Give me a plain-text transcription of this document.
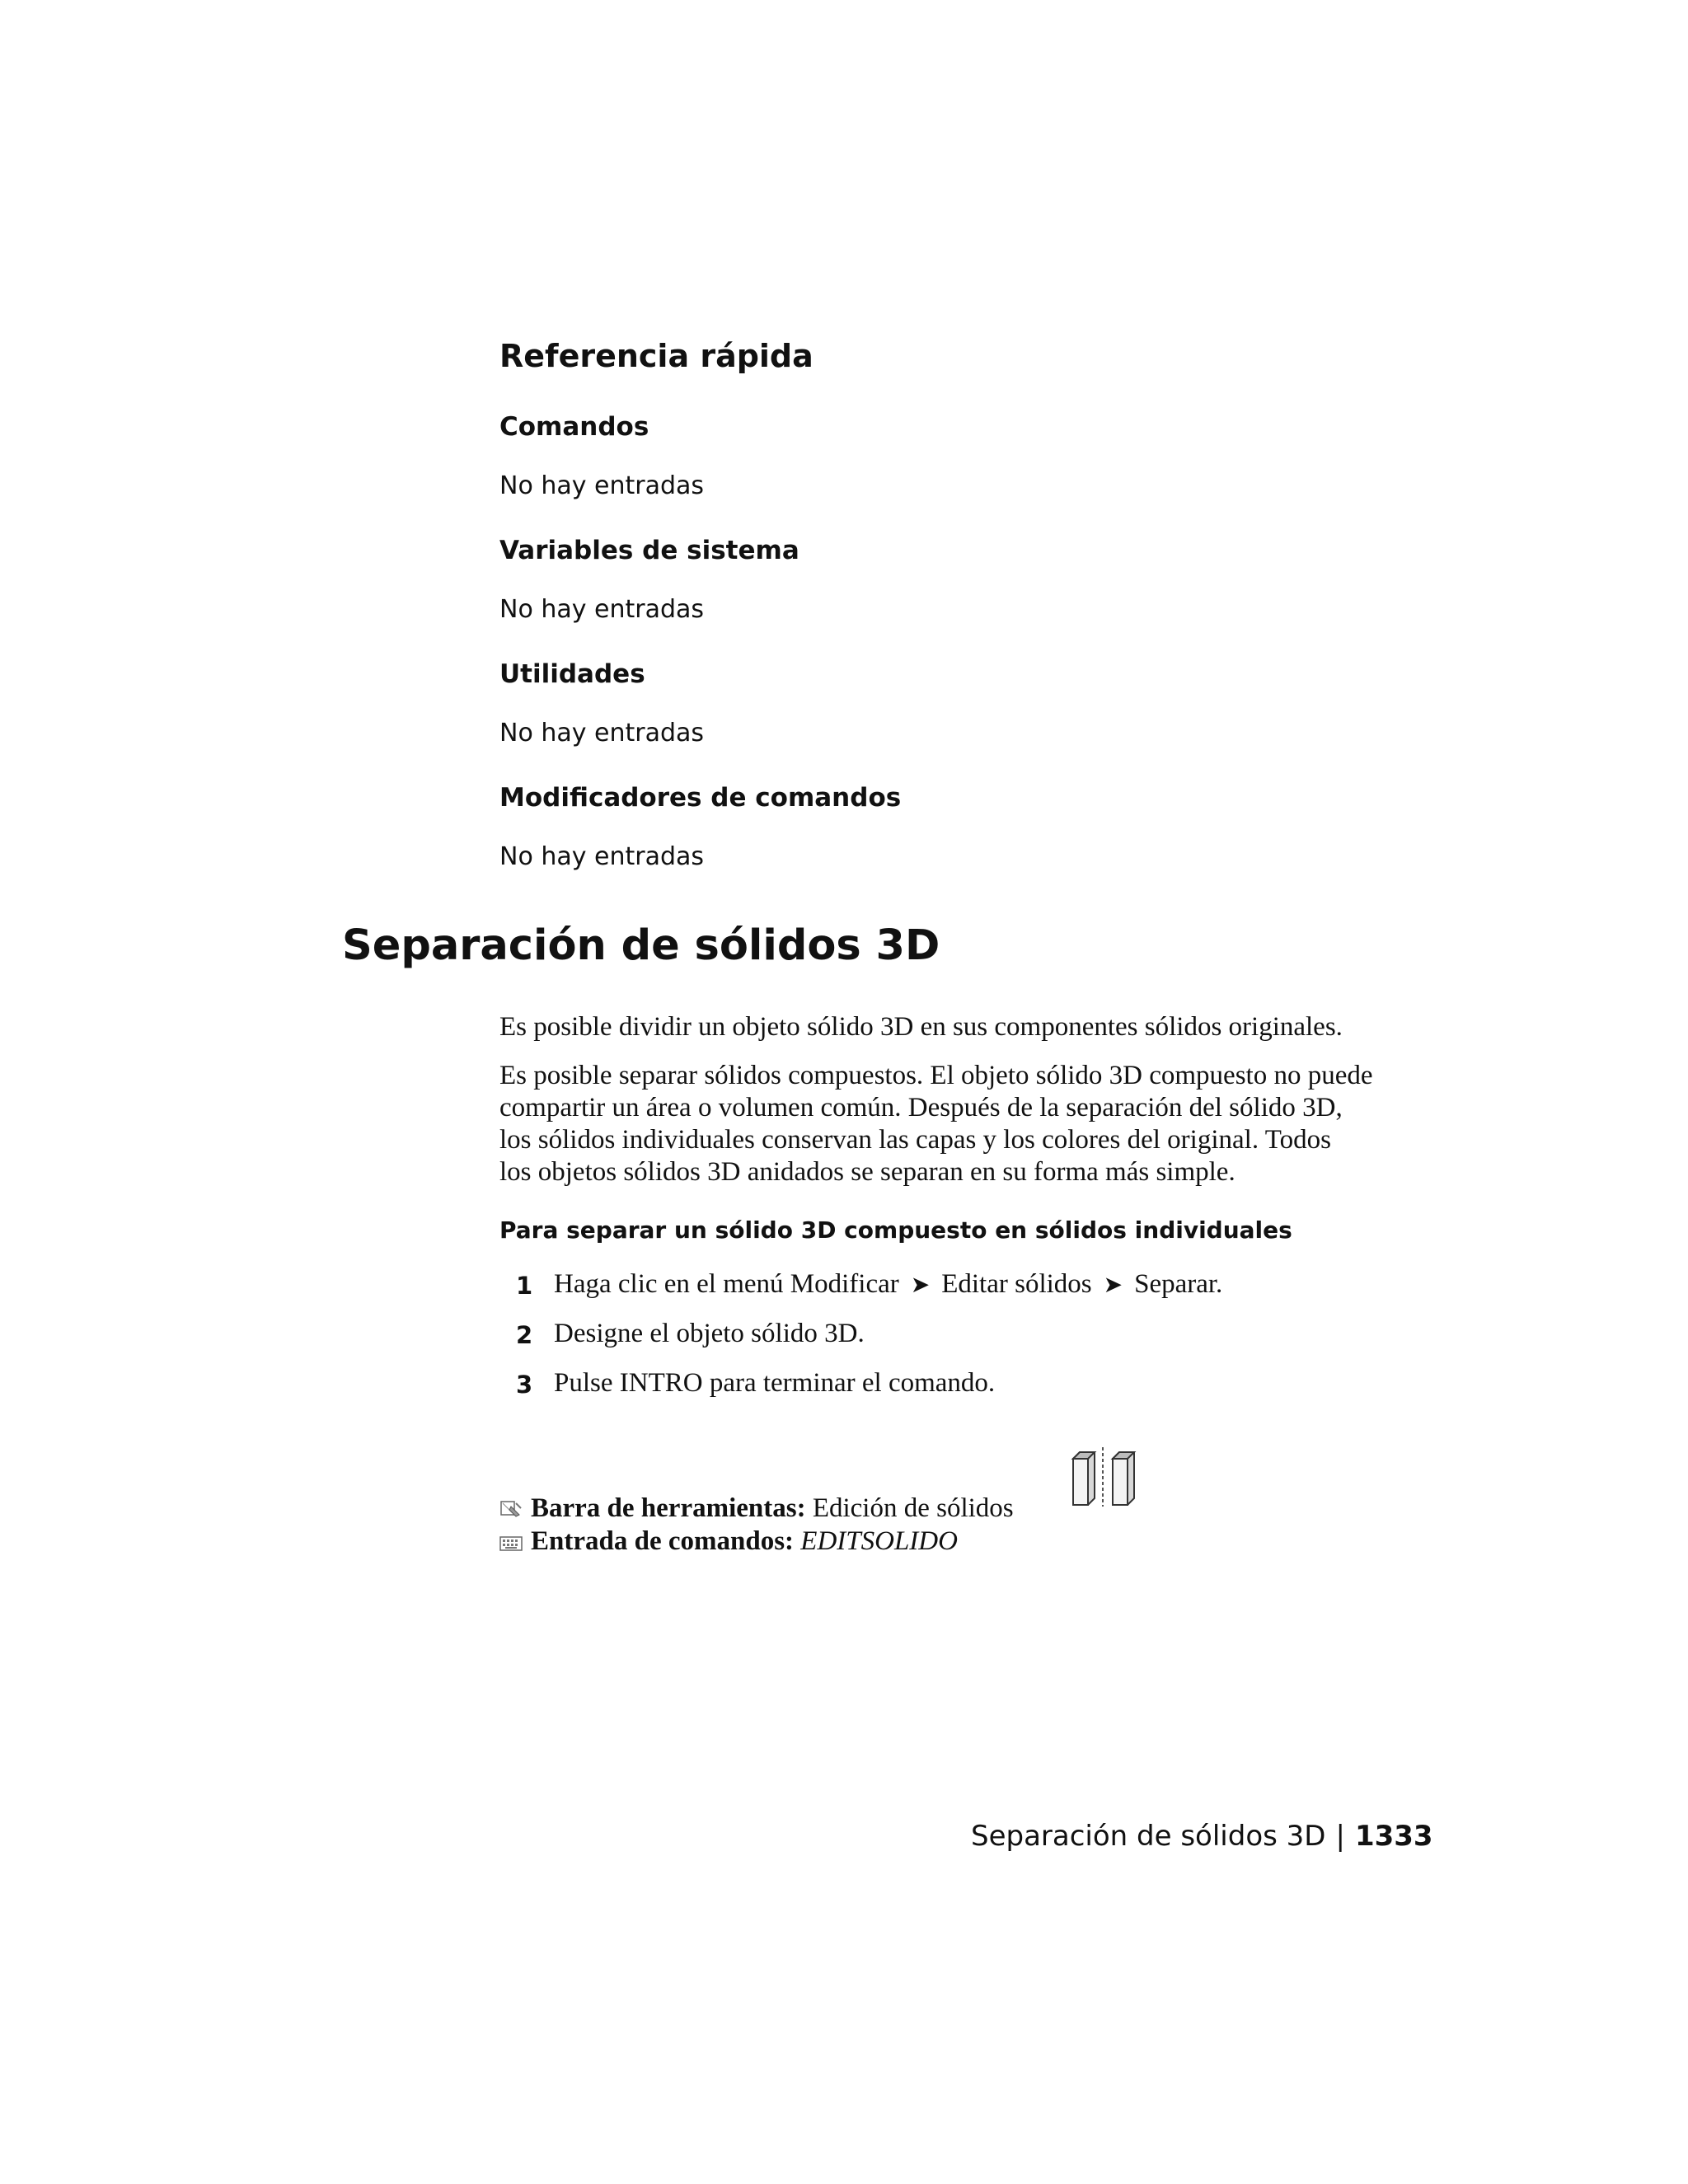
Referencia rápida
Comandos
No hay entradas
Variables de sistema
No hay entradas
Utilidades
No hay entradas
Modificadores de comandos
No hay entradas
Separación de sólidos 3D
Es posible dividir un objeto sólido 3D en sus componentes sólidos originales.
Es posible separar sólidos compuestos. El objeto sólido 3D compuesto no puede
compartir un área o volumen común. Después de la separación del sólido 3D,
los sólidos individuales conservan las capas y los colores del original. Todos
los objetos sólidos 3D anidados se separan en su forma más simple.
Para separar un sólido 3D compuesto en sólidos individuales
1 Haga clic en el menú Modificar ➤ Editar sólidos ➤ Separar.
2 Designe el objeto sólido 3D.
3 Pulse INTRO para terminar el comando.
Barra de herramientas: Edición de sólidos
Entrada de comandos: EDITSOLIDO
Separación de sólidos 3D | 1333
